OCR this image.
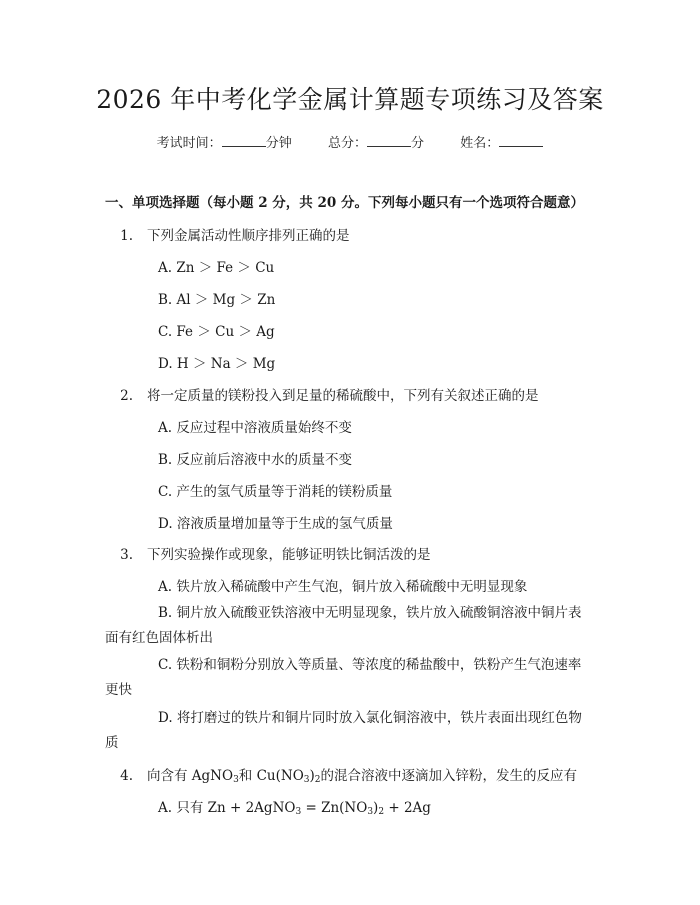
2026 年中考化学金属计算题专项练习及答案
考试时间：	分钟	总分：	分	姓名：
一、单项选择题（每小题 2 分，共 20 分。下列每小题只有一个选项符合题意）
1. 下列金属活动性顺序排列正确的是
A. Zn ＞ Fe ＞ Cu
B. Al ＞ Mg ＞ Zn
C. Fe ＞ Cu ＞ Ag
D. H ＞ Na ＞ Mg
2. 将一定质量的镁粉投入到足量的稀硫酸中，下列有关叙述正确的是
A. 反应过程中溶液质量始终不变
B. 反应前后溶液中水的质量不变
C. 产生的氢气质量等于消耗的镁粉质量
D. 溶液质量增加量等于生成的氢气质量
3. 下列实验操作或现象，能够证明铁比铜活泼的是
A. 铁片放入稀硫酸中产生气泡，铜片放入稀硫酸中无明显现象
B. 铜片放入硫酸亚铁溶液中无明显现象，铁片放入硫酸铜溶液中铜片表面有红色固体析出
C. 铁粉和铜粉分别放入等质量、等浓度的稀盐酸中，铁粉产生气泡速率更快
D. 将打磨过的铁片和铜片同时放入氯化铜溶液中，铁片表面出现红色物质
4. 向含有 AgNO$_3$和 $Cu(NO_3)_2$的混合溶液中逐滴加入锌粉，发生的反应有
A. 只有 Zn + 2AgNO$_3$ = $Zn(NO_3)_2 + 2Ag$
